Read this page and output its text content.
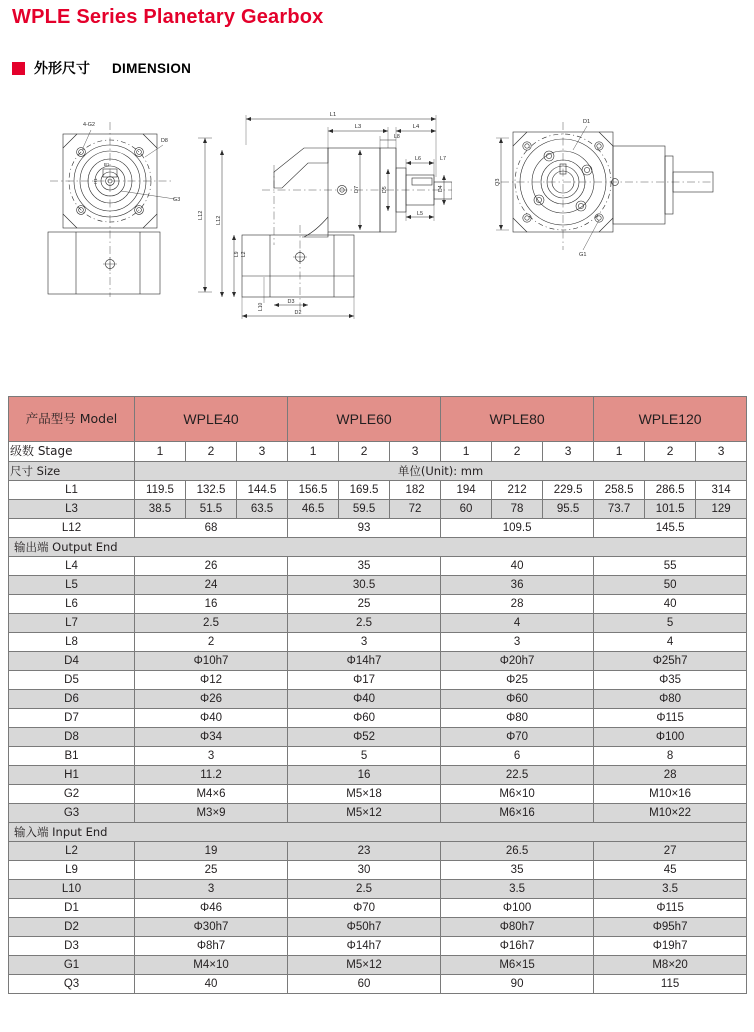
WPLE Series Planetary Gearbox
外形尺寸 DIMENSION
4-G2
D8
G3
B1
H1
L12
L1
L3	L4
L8
L6	L7
L5
D7	D5	D4
L12
L9 L2
L10
D3
D2
D1
G1
Q3
产品型号 Model	WPLE40			WPLE60			WPLE80			WPLE120		
级数 Stage	1	2	3	1	2	3	1	2	3	1	2	3
尺寸 Size	单位(Unit): mm											
L1	119.5	132.5	144.5	156.5	169.5	182	194	212	229.5	258.5	286.5	314
L3	38.5	51.5	63.5	46.5	59.5	72	60	78	95.5	73.7	101.5	129
L12	68			93			109.5			145.5		
输出端 Output End												
L4	26			35			40			55		
L5	24			30.5			36			50		
L6	16			25			28			40		
L7	2.5			2.5			4			5		
L8	2			3			3			4		
D4	Φ10h7			Φ14h7			Φ20h7			Φ25h7		
D5	Φ12			Φ17			Φ25			Φ35		
D6	Φ26			Φ40			Φ60			Φ80		
D7	Φ40			Φ60			Φ80			Φ115		
D8	Φ34			Φ52			Φ70			Φ100		
B1	3			5			6			8		
H1	11.2			16			22.5			28		
G2	M4×6			M5×18			M6×10			M10×16		
G3	M3×9			M5×12			M6×16			M10×22		
输入端 Input End												
L2	19			23			26.5			27		
L9	25			30			35			45		
L10	3			2.5			3.5			3.5		
D1	Φ46			Φ70			Φ100			Φ115		
D2	Φ30h7			Φ50h7			Φ80h7			Φ95h7		
D3	Φ8h7			Φ14h7			Φ16h7			Φ19h7		
G1	M4×10			M5×12			M6×15			M8×20		
Q3	40			60			90			115		
